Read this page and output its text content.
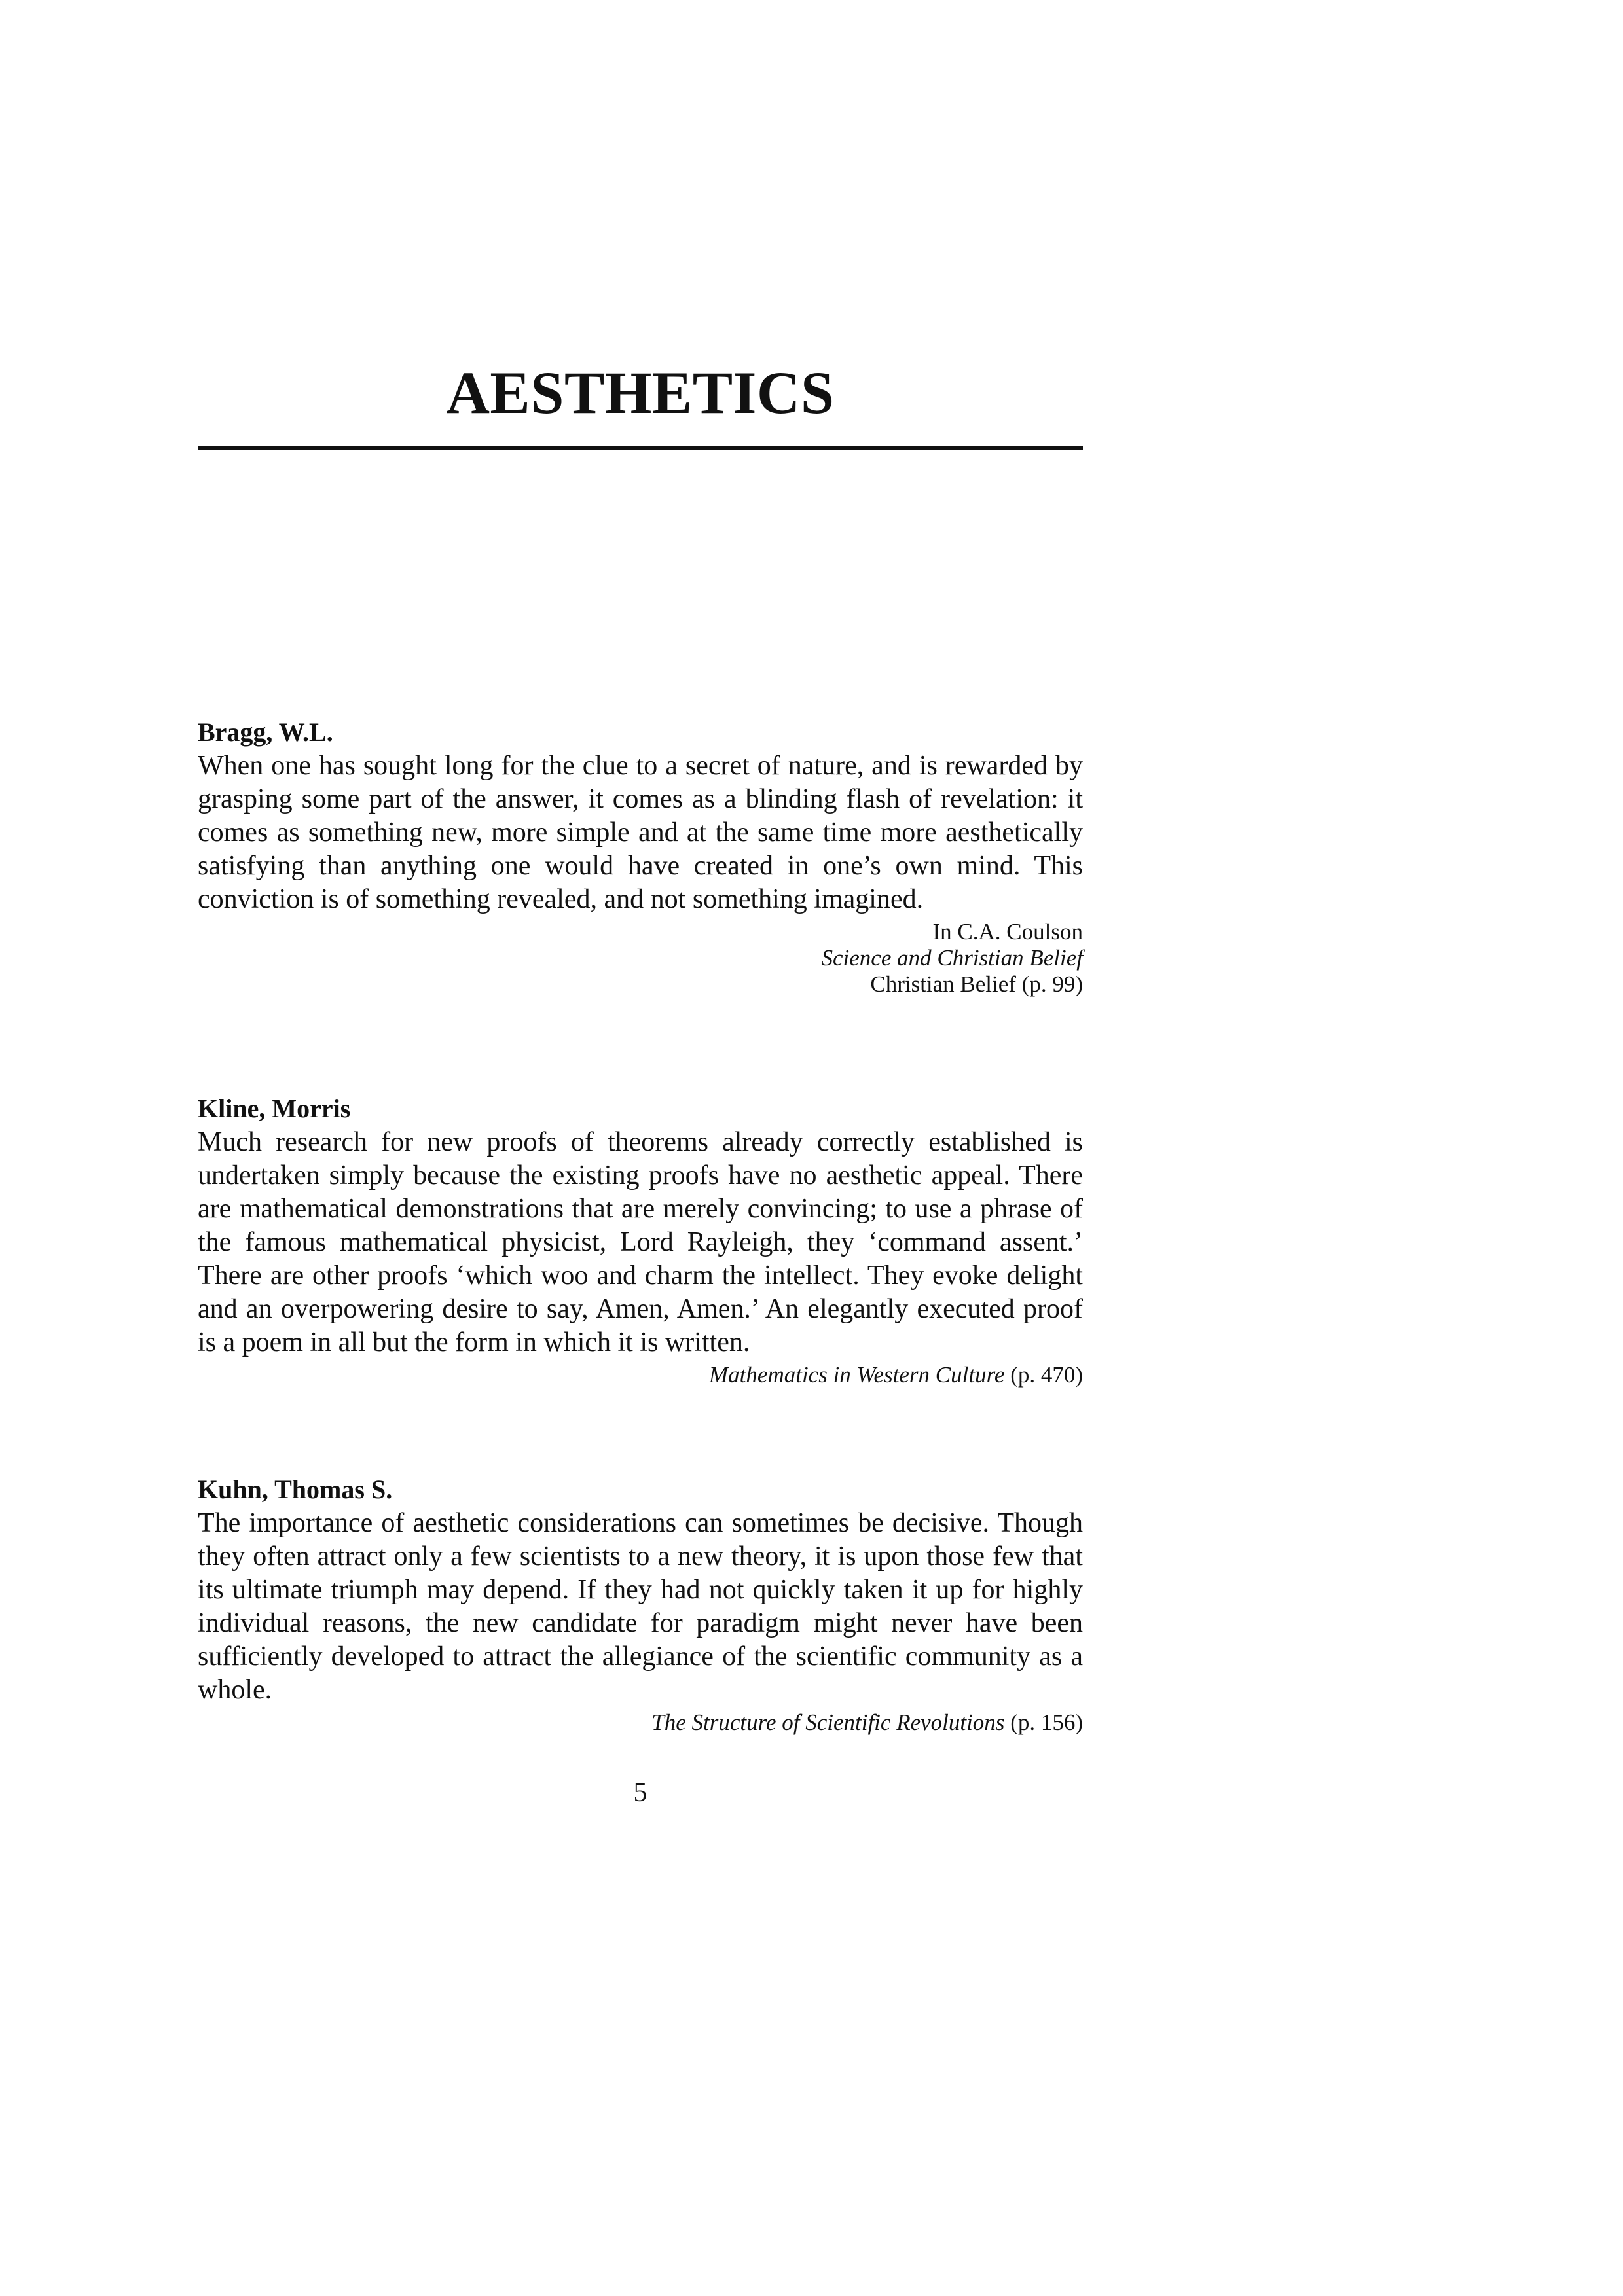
AESTHETICS

Bragg, W.L.

When one has sought long for the clue to a secret of nature, and is rewarded by grasping some part of the answer, it comes as a blinding flash of revelation: it comes as something new, more simple and at the same time more aesthetically satisfying than anything one would have created in one’s own mind. This conviction is of something revealed, and not something imagined.

In C.A. Coulson
Science and Christian Belief
Christian Belief (p. 99)

Kline, Morris

Much research for new proofs of theorems already correctly established is undertaken simply because the existing proofs have no aesthetic appeal. There are mathematical demonstrations that are merely convincing; to use a phrase of the famous mathematical physicist, Lord Rayleigh, they ‘command assent.’ There are other proofs ‘which woo and charm the intellect. They evoke delight and an overpowering desire to say, Amen, Amen.’ An elegantly executed proof is a poem in all but the form in which it is written.

Mathematics in Western Culture (p. 470)

Kuhn, Thomas S.

The importance of aesthetic considerations can sometimes be decisive. Though they often attract only a few scientists to a new theory, it is upon those few that its ultimate triumph may depend. If they had not quickly taken it up for highly individual reasons, the new candidate for paradigm might never have been sufficiently developed to attract the allegiance of the scientific community as a whole.

The Structure of Scientific Revolutions (p. 156)

5
